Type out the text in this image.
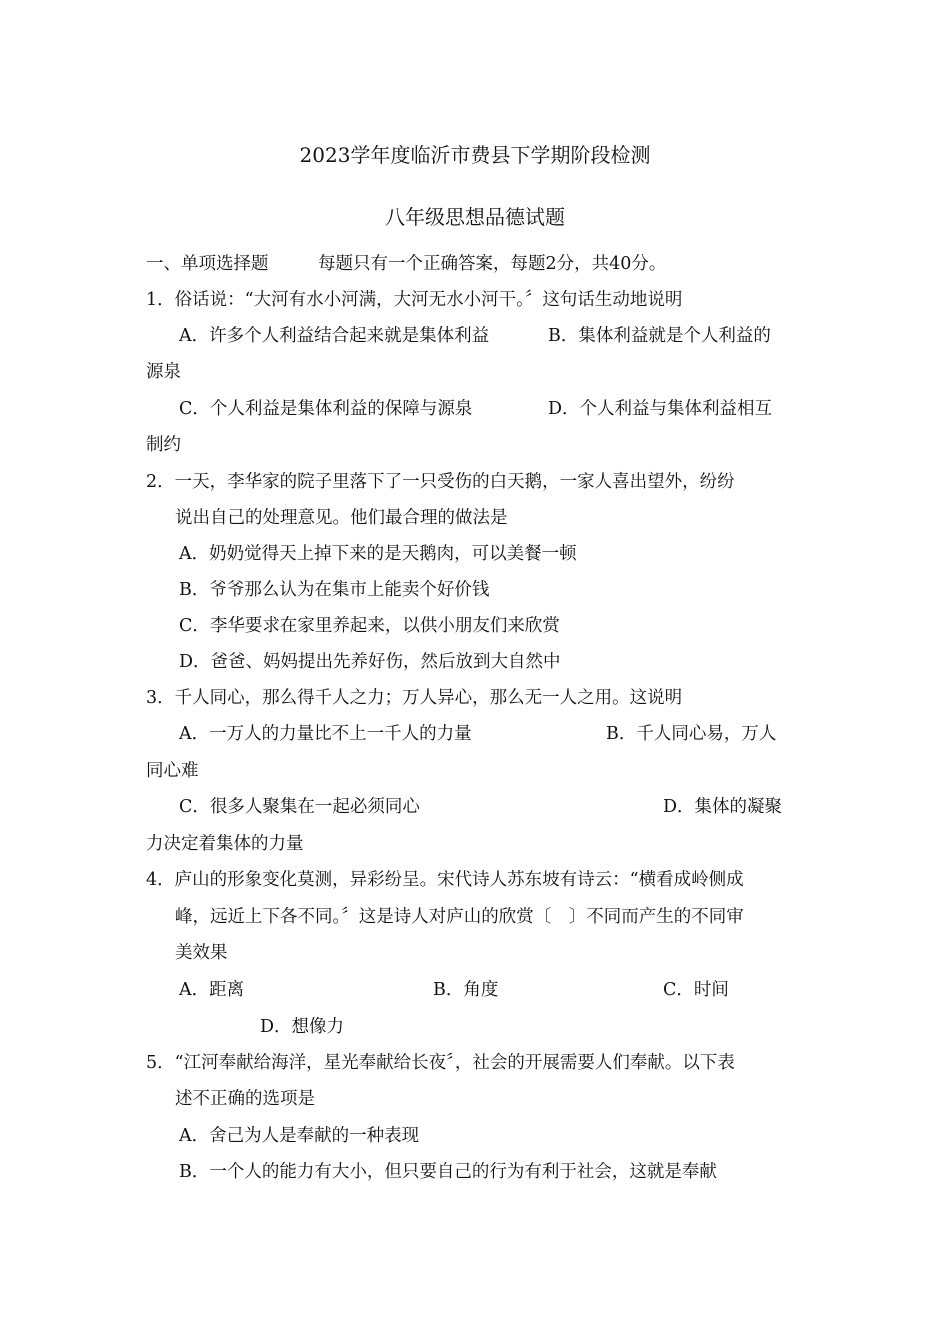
2023学年度临沂市费县下学期阶段检测
八年级思想品德试题
一、单项选择题	每题只有一个正确答案，每题2分，共40分。
1．俗话说：“大河有水小河满，大河无水小河干。〞这句话生动地说明
A．许多个人利益结合起来就是集体利益	B．集体利益就是个人利益的
源泉
C．个人利益是集体利益的保障与源泉	D．个人利益与集体利益相互
制约
2．一天，李华家的院子里落下了一只受伤的白天鹅，一家人喜出望外，纷纷
说出自己的处理意见。他们最合理的做法是
A．奶奶觉得天上掉下来的是天鹅肉，可以美餐一顿
B．爷爷那么认为在集市上能卖个好价钱
C．李华要求在家里养起来，以供小朋友们来欣赏
D．爸爸、妈妈提出先养好伤，然后放到大自然中
3．千人同心，那么得千人之力；万人异心，那么无一人之用。这说明
A．一万人的力量比不上一千人的力量	B．千人同心易，万人
同心难
C．很多人聚集在一起必须同心	D．集体的凝聚
力决定着集体的力量
4．庐山的形象变化莫测，异彩纷呈。宋代诗人苏东坡有诗云：“横看成岭侧成
峰，远近上下各不同。〞这是诗人对庐山的欣赏〔　〕不同而产生的不同审
美效果
A．距离	B．角度	C．时间
D．想像力
5．“江河奉献给海洋，星光奉献给长夜〞，社会的开展需要人们奉献。以下表
述不正确的选项是
A．舍己为人是奉献的一种表现
B．一个人的能力有大小，但只要自己的行为有利于社会，这就是奉献
